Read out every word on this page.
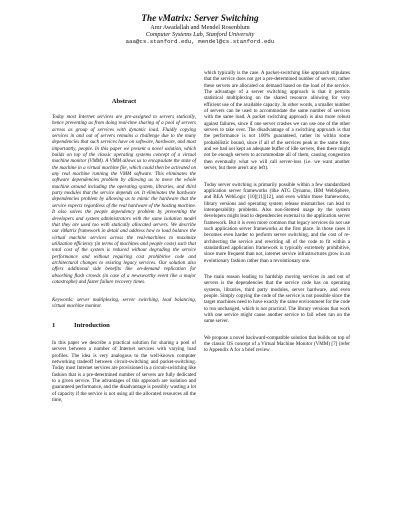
The vMatrix: Server Switching
Amr Awadallah and Mendel Rosenblum
Computer Systems Lab, Stanford University
aaa@cs.stanford.edu, mendel@cs.stanford.edu
Abstract
Today most Internet services are pre-assigned to servers statically, hence preventing us from doing real-time sharing of a pool of servers across as group of services with dynamic load. Fluidly copying services in and out of servers remains a challenge due to the many dependencies that such services have on software, hardware, and most importantly, people. In this paper we present a novel solution, which builds on top of the classic operating systems concept of a virtual machine monitor (VMM). A VMM allows us to encapsulate the state of the machine in a virtual machine file, which could then be activated on any real machine running the VMM software. This eliminates the software dependencies problem by allowing us to move the whole machine around including the operating system, libraries, and third party modules that the service depends on. It eliminates the hardware dependencies problem by allowing us to mimic the hardware that the service expects regardless of the real hardware of the hosting machine. It also solves the people dependency problem by preventing the developers and system administrators with the same isolation model that they are used too with statically allocated servers. We describe our vMatrix framework in detail and address how to load balance the virtual machine services across the real-machines to maximize utilization efficiency (in terms of machines and people costs) such that total cost of the system is reduced without degrading the service performance and without requiring cost prohibitive code and architectural changes to existing legacy services. Our solution also offers additional side benefits like on-demand replication for absorbing flash crowds (in case of a newsworthy event like a major catastrophe) and faster failure recovery times.
Keywords: server multiplexing, server switching, load balancing, virtual machine monitor.
1	Introduction
In this paper we describe a practical solution for sharing a pool of servers between a number of Internet services with varying load profiles. The idea is very analogous to the well-known computer networking tradeoff between circuit-switching and packet-switching. Today most Internet services are provisioned in a circuit-switching like fashion that is a pre-determined number of servers are fully dedicated to a given service. The advantages of this approach are isolation and guaranteed performance, and the disadvantage is possibly wasting a lot of capacity if the service is not using all the allocated resources all the time,

which typically is the case. A packet-switching like approach stipulates that the service does not get a pre-determined number of servers; rather these servers are allocated on demand based on the load of the service. The advantage of a server switching approach is that it permits statistical multiplexing on the shared resource allowing for very efficient use of the available capacity. In other words, a smaller number of servers can be used to accommodate the same number of services with the same load. A packet switching approach is also more robust against failures, since if one server crashes we can use one of the other servers to take over. The disadvantage of a switching approach is that the performance is not 100% guaranteed, rather its within some probabilistic bound, since if all of the services peak at the same time, and we had not kept an adequate buffer of idle servers, then there might not be enough servers to accommodate all of them, causing congestion then eventually what we will call server-loss (i.e. we want another server, but there aren't any left).

Today server switching is primarily possible within a few standardized application server frameworks (like ATG Dynamo, IBM WebSphere, and BEA WebLogic [10][11][12], and even within those frameworks, library versions and operating system release mismatches can lead to interoperability problems. Also non-Stemed usage by the system developers might lead to dependencies external to the application server framework. But it is even more common that legacy services do not use such application server frameworks at the first place. In those cases it becomes even harder to perform server switching, and the cost of re-architecting the service and rewriting all of the code to fit within a standardized application framework is typically extremely prohibitive, since more frequent than not, internet service infrastructures grow in an evolutionary fashion rather than a revolutionary one.

The main reason leading to hardship moving services in and out of servers is the dependencies that the service code has on operating systems, libraries, third party modules, server hardware, and even people. Simply copying the code of the service is not possible since the target machines need to have exactly the same environment for the code to run unchanged, which is not practical. The library versions that work with one service might cause another service to fail when ran on the same server.

We propose a novel backward-compatible solution that builds on top of the classic OS concept of a Virtual Machine Monitor (VMM) [7] (refer to Appendix A for a brief review
